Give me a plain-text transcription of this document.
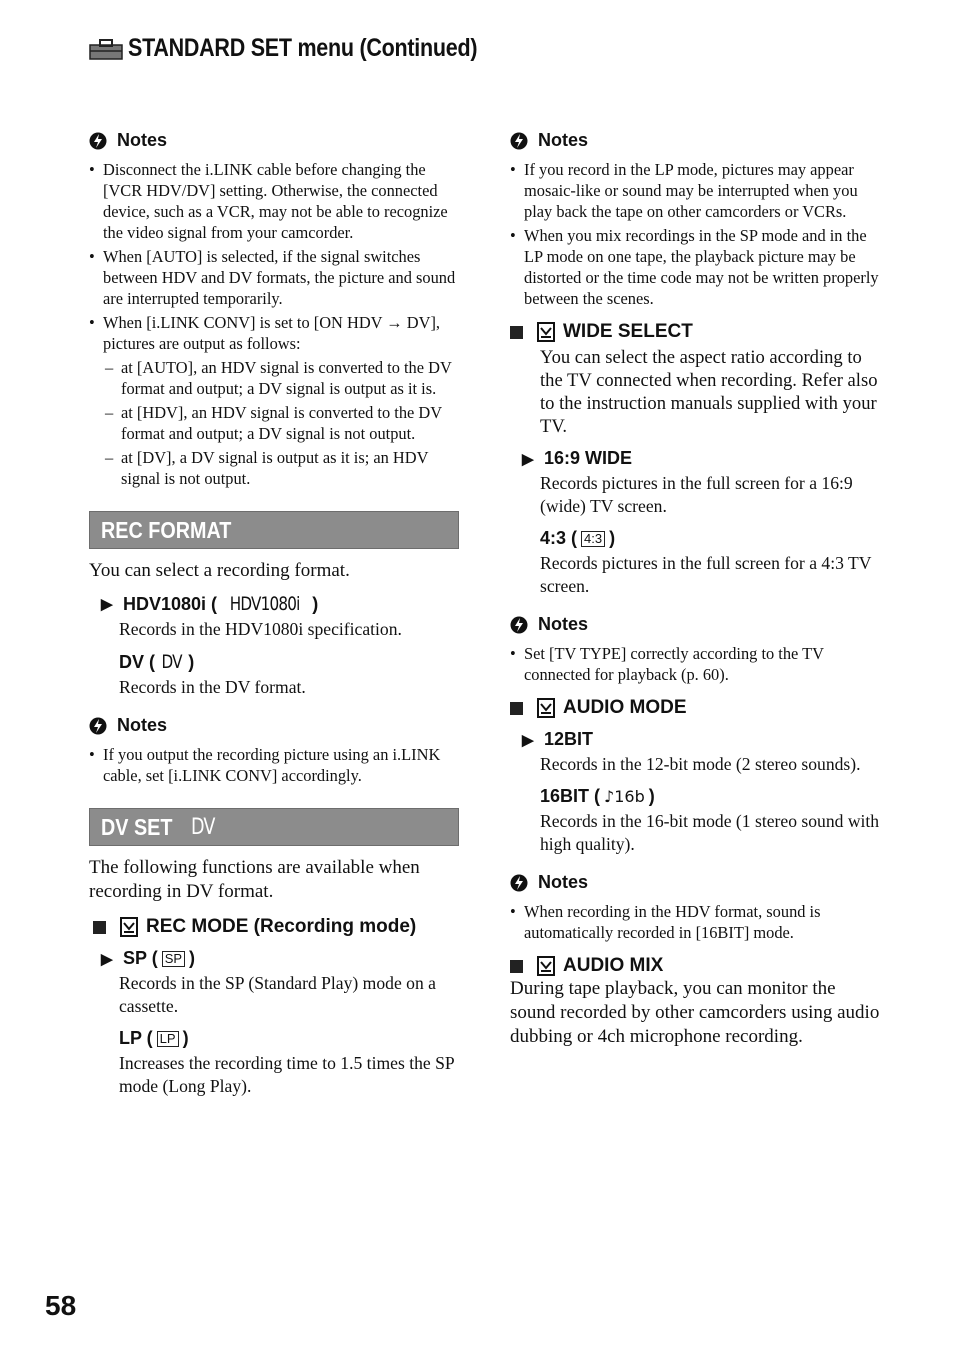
STANDARD SET menu (Continued)
Notes
• Disconnect the i.LINK cable before changing the [VCR HDV/DV] setting. Otherwise, the connected device, such as a VCR, may not be able to recognize the video signal from your camcorder.
• When [AUTO] is selected, if the signal switches between HDV and DV formats, the picture and sound are interrupted temporarily.
• When [i.LINK CONV] is set to [ON HDV → DV], pictures are output as follows:
– at [AUTO], an HDV signal is converted to the DV format and output; a DV signal is output as it is.
– at [HDV], an HDV signal is converted to the DV format and output; a DV signal is not output.
– at [DV], a DV signal is output as it is; an HDV signal is not output.
REC FORMAT
You can select a recording format.
▶ HDV1080i ( HDV1080i )
Records in the HDV1080i specification.
DV ( DV )
Records in the DV format.
Notes
• If you output the recording picture using an i.LINK cable, set [i.LINK CONV] accordingly.
DV SET DV
The following functions are available when recording in DV format.
REC MODE (Recording mode)
▶ SP ( SP )
Records in the SP (Standard Play) mode on a cassette.
LP ( LP )
Increases the recording time to 1.5 times the SP mode (Long Play).
Notes
• If you record in the LP mode, pictures may appear mosaic-like or sound may be interrupted when you play back the tape on other camcorders or VCRs.
• When you mix recordings in the SP mode and in the LP mode on one tape, the playback picture may be distorted or the time code may not be written properly between the scenes.
WIDE SELECT
You can select the aspect ratio according to the TV connected when recording. Refer also to the instruction manuals supplied with your TV.
▶ 16:9 WIDE
Records pictures in the full screen for a 16:9 (wide) TV screen.
4:3 ( 4:3 )
Records pictures in the full screen for a 4:3 TV screen.
Notes
• Set [TV TYPE] correctly according to the TV connected for playback (p. 60).
AUDIO MODE
▶ 12BIT
Records in the 12-bit mode (2 stereo sounds).
16BIT ( ♪16b )
Records in the 16-bit mode (1 stereo sound with high quality).
Notes
• When recording in the HDV format, sound is automatically recorded in [16BIT] mode.
AUDIO MIX
During tape playback, you can monitor the sound recorded by other camcorders using audio dubbing or 4ch microphone recording.
58
